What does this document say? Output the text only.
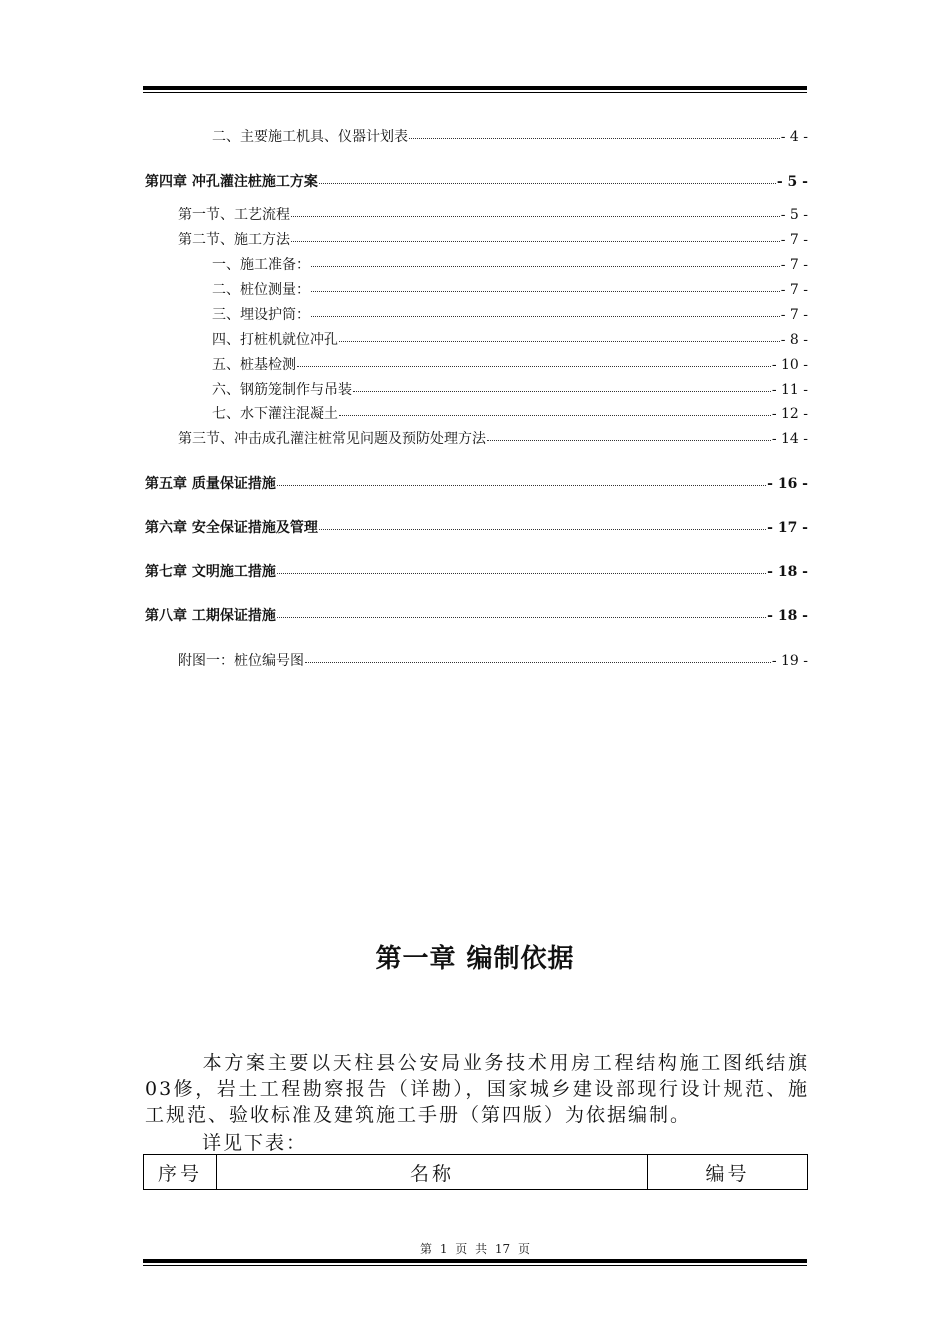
二、主要施工机具、仪器计划表	- 4 -
第四章 冲孔灌注桩施工方案	- 5 -
第一节、工艺流程	- 5 -
第二节、施工方法	- 7 -
一、施工准备：	- 7 -
二、桩位测量：	- 7 -
三、埋设护筒：	- 7 -
四、打桩机就位冲孔	- 8 -
五、桩基检测	- 10 -
六、钢筋笼制作与吊装	- 11 -
七、水下灌注混凝土	- 12 -
第三节、冲击成孔灌注桩常见问题及预防处理方法	- 14 -
第五章 质量保证措施	- 16 -
第六章 安全保证措施及管理	- 17 -
第七章 文明施工措施	- 18 -
第八章 工期保证措施	- 18 -
附图一：桩位编号图	- 19 -
第一章 编制依据
本方案主要以天柱县公安局业务技术用房工程结构施工图纸结旗03修，岩土工程勘察报告（详勘），国家城乡建设部现行设计规范、施工规范、验收标准及建筑施工手册（第四版）为依据编制。
详见下表：
序号	名称	编号
第 1 页 共 17 页
